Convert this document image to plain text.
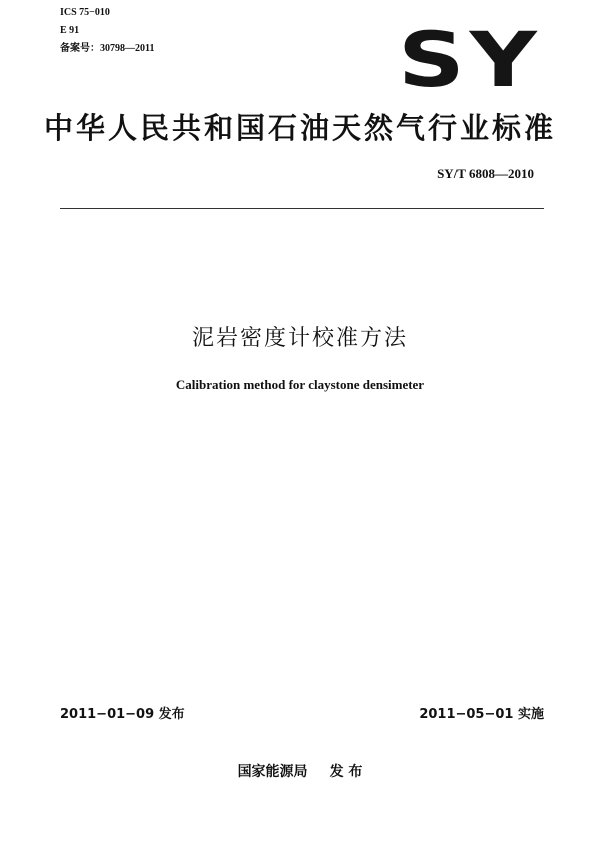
ICS 75−010
E 91
备案号：30798—2011	SY
中华人民共和国石油天然气行业标准
SY/T 6808—2010
泥岩密度计校准方法
Calibration method for claystone densimeter
2011−01−09 发布	2011−05−01 实施
国家能源局 发 布
